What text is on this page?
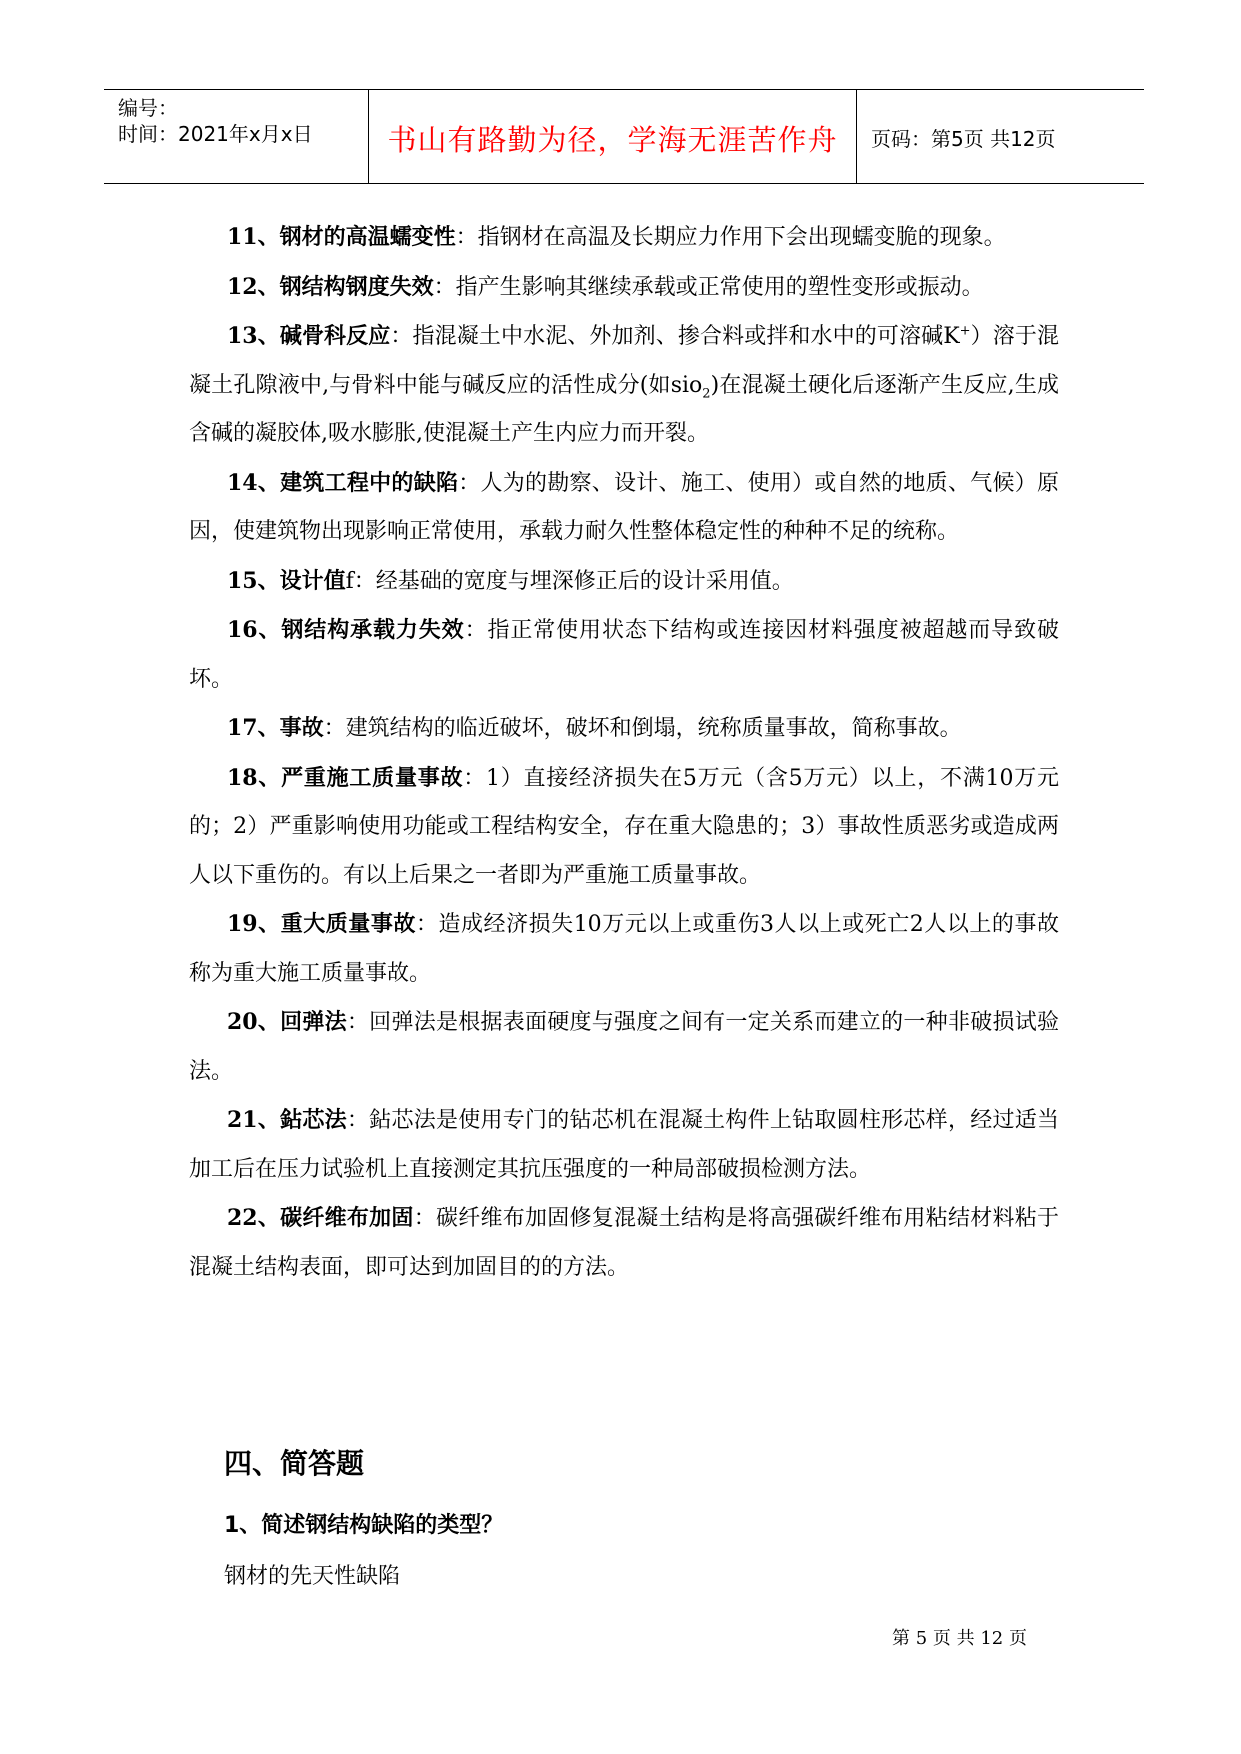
编号：
时间：2021年x月x日	书山有路勤为径，学海无涯苦作舟	页码：第5页 共12页

11、钢材的高温蠕变性：指钢材在高温及长期应力作用下会出现蠕变脆的现象。

12、钢结构钢度失效：指产生影响其继续承载或正常使用的塑性变形或振动。

13、碱骨科反应：指混凝土中水泥、外加剂、掺合料或拌和水中的可溶碱K+）溶于混凝土孔隙液中,与骨料中能与碱反应的活性成分(如sio$_2$)在混凝土硬化后逐渐产生反应,生成含碱的凝胶体,吸水膨胀,使混凝土产生内应力而开裂。

14、建筑工程中的缺陷：人为的勘察、设计、施工、使用）或自然的地质、气候）原因，使建筑物出现影响正常使用，承载力耐久性整体稳定性的种种不足的统称。

15、设计值f：经基础的宽度与埋深修正后的设计采用值。

16、钢结构承载力失效：指正常使用状态下结构或连接因材料强度被超越而导致破坏。

17、事故：建筑结构的临近破坏，破坏和倒塌，统称质量事故，简称事故。

18、严重施工质量事故：1）直接经济损失在5万元（含5万元）以上，不满10万元的；2）严重影响使用功能或工程结构安全，存在重大隐患的；3）事故性质恶劣或造成两人以下重伤的。有以上后果之一者即为严重施工质量事故。

19、重大质量事故：造成经济损失10万元以上或重伤3人以上或死亡2人以上的事故称为重大施工质量事故。

20、回弹法：回弹法是根据表面硬度与强度之间有一定关系而建立的一种非破损试验法。

21、鉆芯法：鉆芯法是使用专门的钻芯机在混凝土构件上钻取圆柱形芯样，经过适当加工后在压力试验机上直接测定其抗压强度的一种局部破损检测方法。

22、碳纤维布加固：碳纤维布加固修复混凝土结构是将高强碳纤维布用粘结材料粘于混凝土结构表面，即可达到加固目的的方法。

四、简答题
1、简述钢结构缺陷的类型？
钢材的先天性缺陷
第 5 页 共 12 页
